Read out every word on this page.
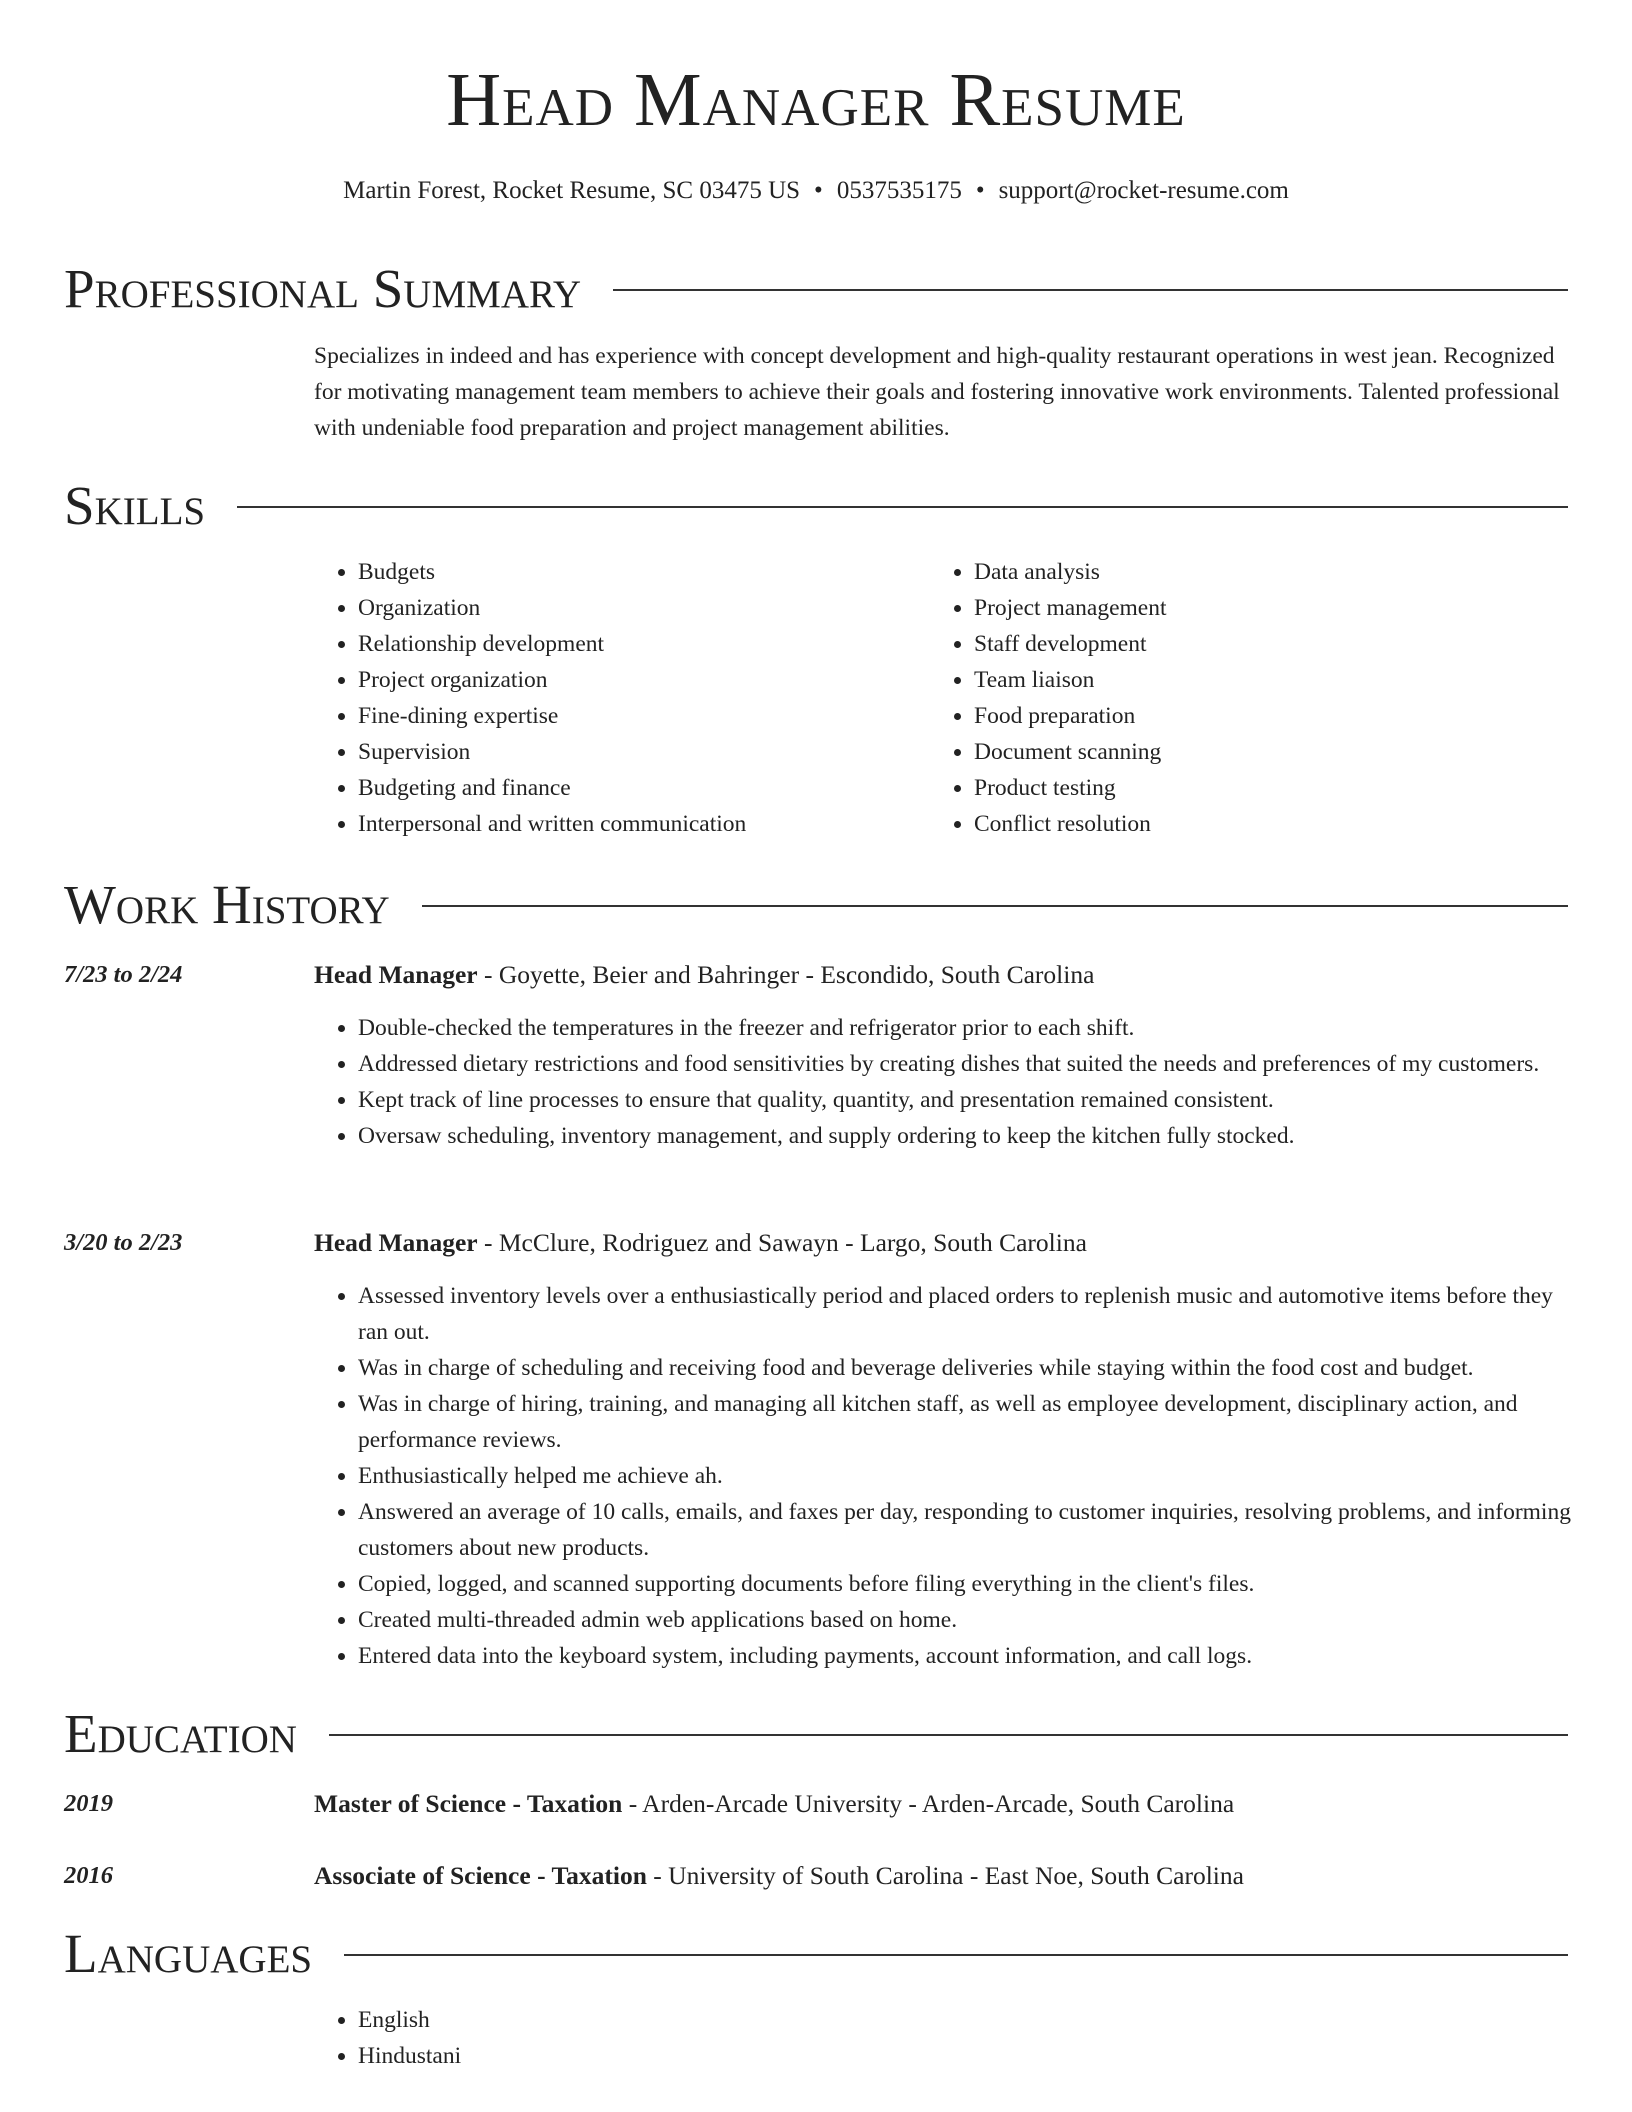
Head Manager Resume
Martin Forest, Rocket Resume, SC 03475 US • 0537535175 • support@rocket-resume.com
Professional Summary
Specializes in indeed and has experience with concept development and high-quality restaurant operations in west jean. Recognized for motivating management team members to achieve their goals and fostering innovative work environments. Talented professional with undeniable food preparation and project management abilities.
Skills
• Budgets
• Organization
• Relationship development
• Project organization
• Fine-dining expertise
• Supervision
• Budgeting and finance
• Interpersonal and written communication
• Data analysis
• Project management
• Staff development
• Team liaison
• Food preparation
• Document scanning
• Product testing
• Conflict resolution
Work History
7/23 to 2/24	Head Manager - Goyette, Beier and Bahringer - Escondido, South Carolina
• Double-checked the temperatures in the freezer and refrigerator prior to each shift.
• Addressed dietary restrictions and food sensitivities by creating dishes that suited the needs and preferences of my customers.
• Kept track of line processes to ensure that quality, quantity, and presentation remained consistent.
• Oversaw scheduling, inventory management, and supply ordering to keep the kitchen fully stocked.
3/20 to 2/23	Head Manager - McClure, Rodriguez and Sawayn - Largo, South Carolina
• Assessed inventory levels over a enthusiastically period and placed orders to replenish music and automotive items before they ran out.
• Was in charge of scheduling and receiving food and beverage deliveries while staying within the food cost and budget.
• Was in charge of hiring, training, and managing all kitchen staff, as well as employee development, disciplinary action, and performance reviews.
• Enthusiastically helped me achieve ah.
• Answered an average of 10 calls, emails, and faxes per day, responding to customer inquiries, resolving problems, and informing customers about new products.
• Copied, logged, and scanned supporting documents before filing everything in the client's files.
• Created multi-threaded admin web applications based on home.
• Entered data into the keyboard system, including payments, account information, and call logs.
Education
2019	Master of Science - Taxation - Arden-Arcade University - Arden-Arcade, South Carolina
2016	Associate of Science - Taxation - University of South Carolina - East Noe, South Carolina
Languages
• English
• Hindustani
